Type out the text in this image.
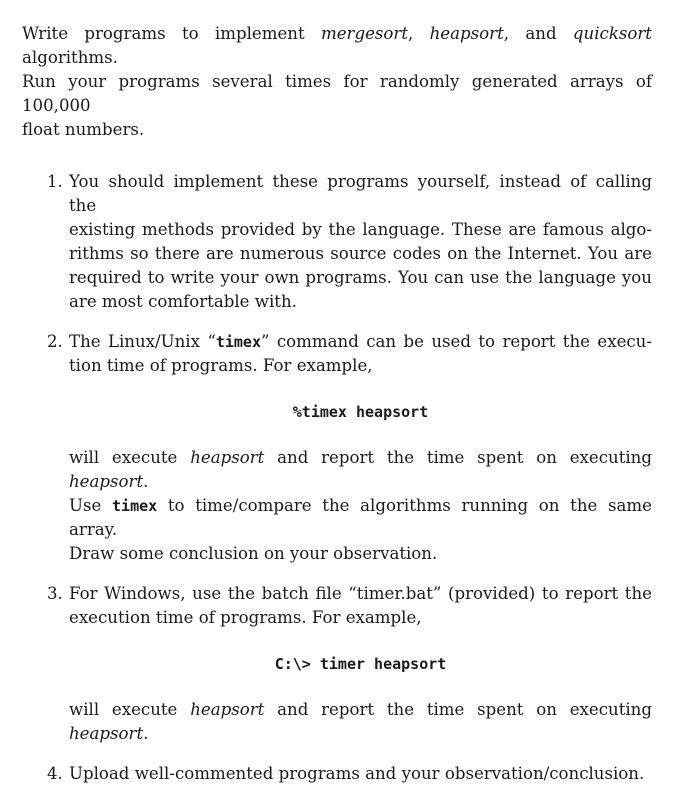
Write programs to implement mergesort, heapsort, and quicksort algorithms.
Run your programs several times for randomly generated arrays of 100,000
float numbers.
1. You should implement these programs yourself, instead of calling the
existing methods provided by the language. These are famous algo -
rithms so there are numerous source codes on the Internet. You are
required to write your own programs. You can use the language you
are most comfortable with.
2. The Linux/Unix “timex” command can be used to report the execu -
tion time of programs. For example,
%timex heapsort
will execute heapsort and report the time spent on executing heapsort.
Use timex to time/compare the algorithms running on the same array.
Draw some conclusion on your observation.
3. For Windows, use the batch file “timer.bat” (provided) to report the
execution time of programs. For example,
C:\> timer heapsort
will execute heapsort and report the time spent on executing heapsort.
4. Upload well-commented programs and your observation/conclusion.
